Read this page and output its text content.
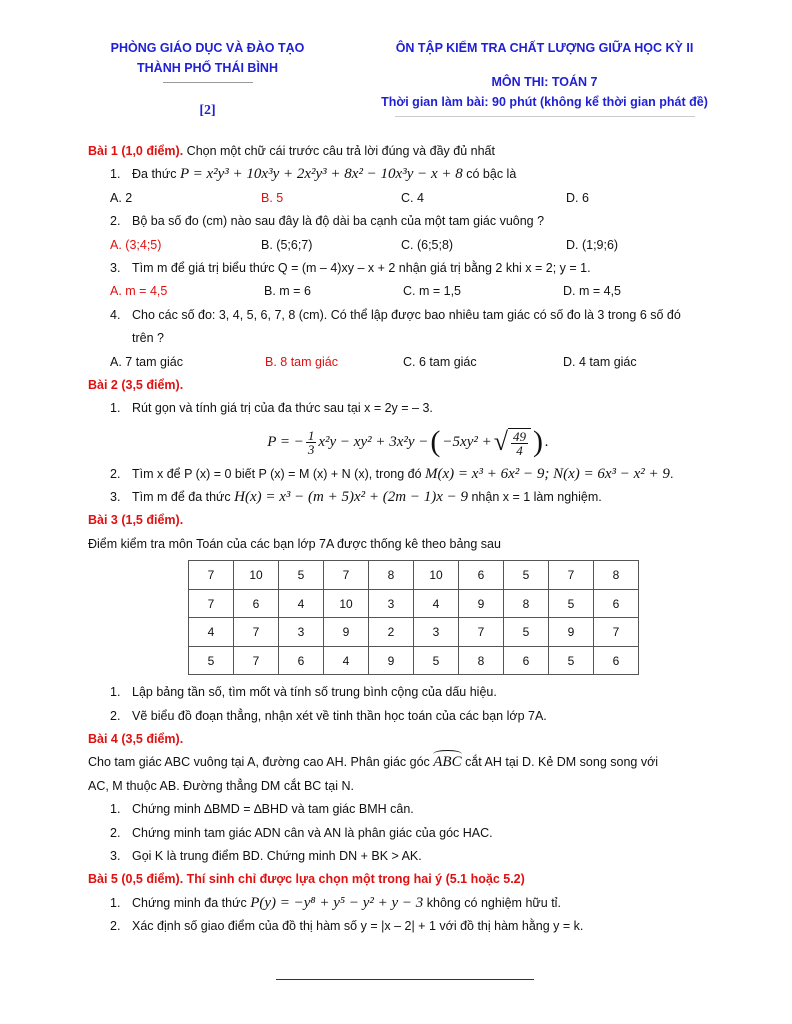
PHÒNG GIÁO DỤC VÀ ĐÀO TẠO
THÀNH PHỐ THÁI BÌNH
[2]
ÔN TẬP KIỂM TRA CHẤT LƯỢNG GIỮA HỌC KỲ II

MÔN THI: TOÁN 7
Thời gian làm bài: 90 phút (không kể thời gian phát đề)
Bài 1 (1,0 điểm). Chọn một chữ cái trước câu trả lời đúng và đầy đủ nhất
1. Đa thức P = x²y³ + 10x³y + 2x²y³ + 8x² − 10x³y − x + 8 có bậc là
A. 2	B. 5	C. 4	D. 6
2. Bộ ba số đo (cm) nào sau đây là độ dài ba cạnh của một tam giác vuông ?
A. (3;4;5)	B. (5;6;7)	C. (6;5;8)	D. (1;9;6)
3. Tìm m để giá trị biểu thức Q = (m – 4)xy – x + 2 nhận giá trị bằng 2 khi x = 2; y = 1.
A. m = 4,5	B. m = 6	C. m = 1,5	D. m = 4,5
4. Cho các số đo: 3, 4, 5, 6, 7, 8 (cm). Có thể lập được bao nhiêu tam giác có số đo là 3 trong 6 số đó
trên ?
A. 7 tam giác	B. 8 tam giác	C. 6 tam giác	D. 4 tam giác
Bài 2 (3,5 điểm).
1. Rút gọn và tính giá trị của đa thức sau tại x = 2y = – 3.
P = − $\frac{1}{3} x^2y - xy^2 + 3x^2y$ − ( −5xy² + √ $\frac{49}{4}$ ) .
2. Tìm x để P (x) = 0 biết P (x) = M (x) + N (x), trong đó M(x) = x³ + 6x² − 9; N(x) = 6x³ − x² + 9.
3. Tìm m để đa thức H(x) = x³ − (m + 5)x² + (2m − 1)x − 9 nhận x = 1 làm nghiệm.
Bài 3 (1,5 điểm).
Điểm kiểm tra môn Toán của các bạn lớp 7A được thống kê theo bảng sau
7	10	5	7	8	10	6	5	7	8
7	6	4	10	3	4	9	8	5	6
4	7	3	9	2	3	7	5	9	7
5	7	6	4	9	5	8	6	5	6
1. Lập bảng tần số, tìm mốt và tính số trung bình cộng của dấu hiệu.
2. Vẽ biểu đồ đoạn thẳng, nhận xét về tinh thần học toán của các bạn lớp 7A.
Bài 4 (3,5 điểm).
Cho tam giác ABC vuông tại A, đường cao AH. Phân giác góc
ABC cắt AH tại D. Kẻ DM song song với
AC, M thuộc AB. Đường thẳng DM cắt BC tại N.
1. Chứng minh ∆BMD = ∆BHD và tam giác BMH cân.
2. Chứng minh tam giác ADN cân và AN là phân giác của góc HAC.
3. Gọi K là trung điểm BD. Chứng minh DN + BK > AK.
Bài 5 (0,5 điểm). Thí sinh chỉ được lựa chọn một trong hai ý (5.1 hoặc 5.2)
1. Chứng minh đa thức P(y) = −y⁸ + y⁵ − y² + y − 3 không có nghiệm hữu tỉ.
2. Xác định số giao điểm của đồ thị hàm số y = |x – 2| + 1 với đồ thị hàm hằng y = k.
